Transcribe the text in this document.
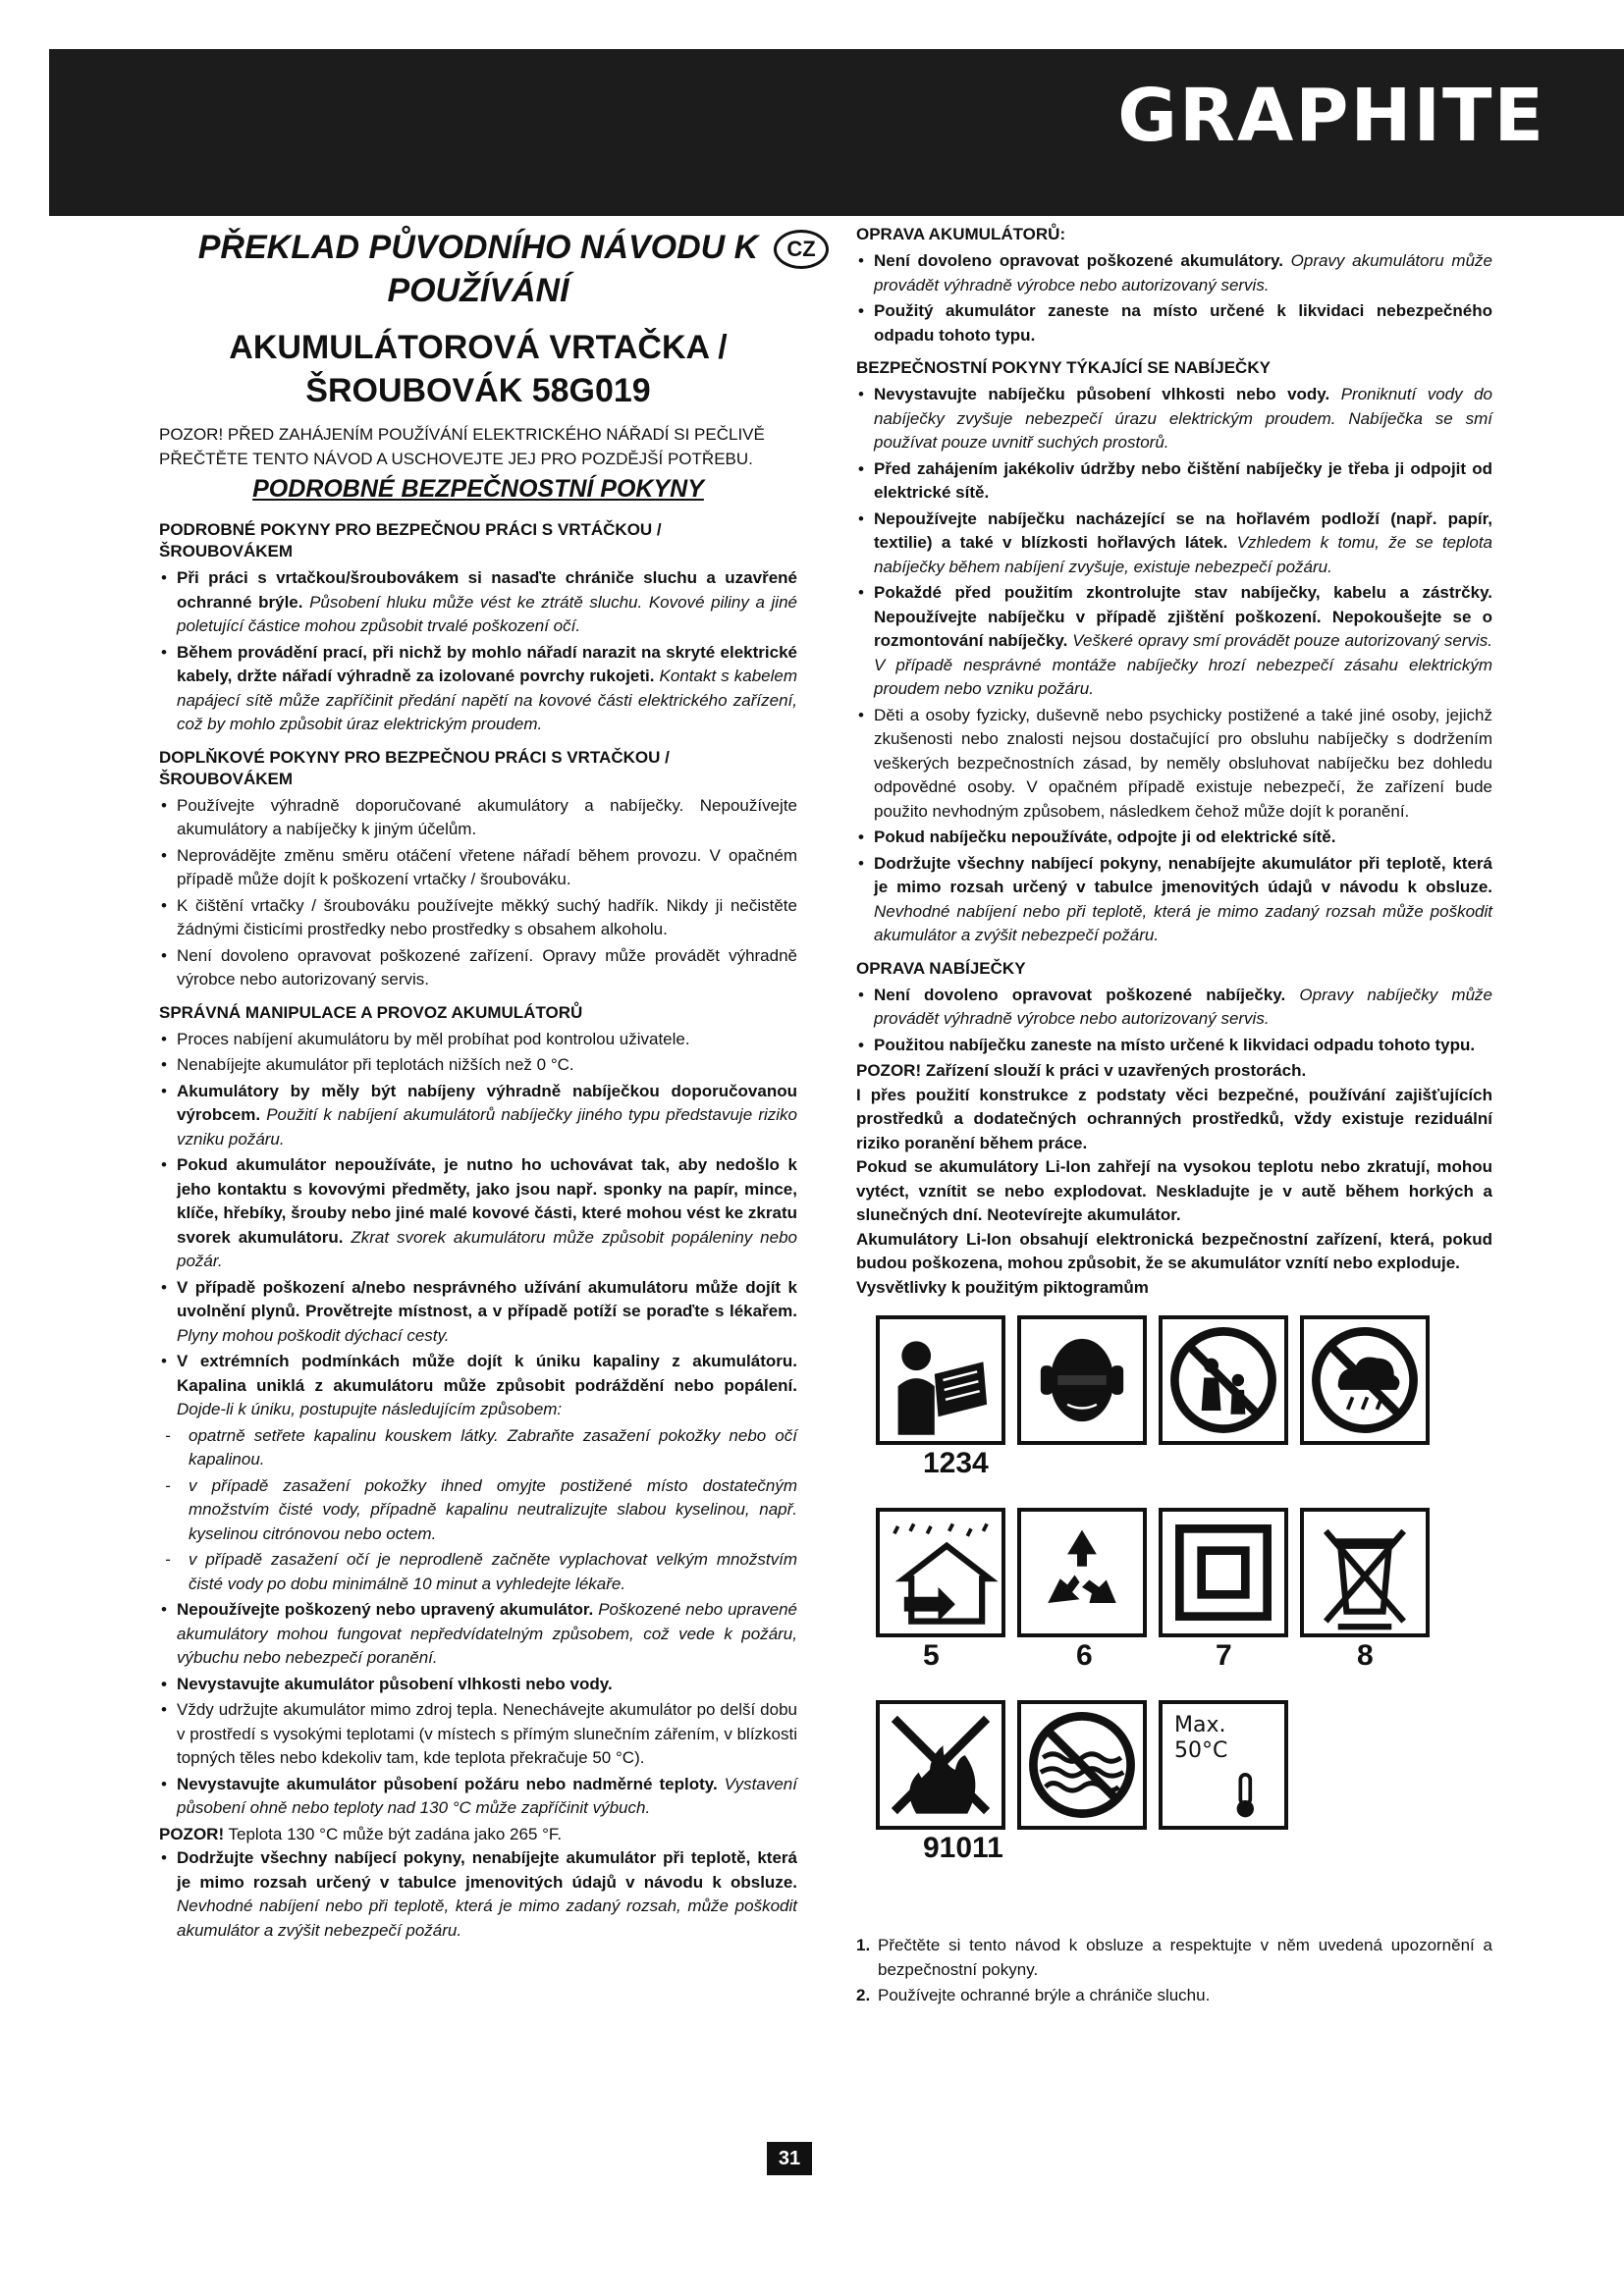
GRAPHITE
CZ
PŘEKLAD PŮVODNÍHO NÁVODU K
POUŽÍVÁNÍ
AKUMULÁTOROVÁ VRTAČKA /
ŠROUBOVÁK 58G019

POZOR! PŘED ZAHÁJENÍM POUŽÍVÁNÍ ELEKTRICKÉHO NÁŘADÍ SI PEČLIVĚ PŘEČTĚTE TENTO NÁVOD A USCHOVEJTE JEJ PRO POZDĚJŠÍ POTŘEBU.

PODROBNÉ BEZPEČNOSTNÍ POKYNY
PODROBNÉ POKYNY PRO BEZPEČNOU PRÁCI S VRTÁČKOU / ŠROUBOVÁKEM
• Při práci s vrtačkou/šroubovákem si nasaďte chrániče sluchu a uzavřené ochranné brýle. Působení hluku může vést ke ztrátě sluchu. Kovové piliny a jiné poletující částice mohou způsobit trvalé poškození očí.
• Během provádění prací, při nichž by mohlo nářadí narazit na skryté elektrické kabely, držte nářadí výhradně za izolované povrchy rukojeti. Kontakt s kabelem napájecí sítě může zapříčinit předání napětí na kovové části elektrického zařízení, což by mohlo způsobit úraz elektrickým proudem.
DOPLŇKOVÉ POKYNY PRO BEZPEČNOU PRÁCI S VRTAČKOU / ŠROUBOVÁKEM
• Používejte výhradně doporučované akumulátory a nabíječky. Nepoužívejte akumulátory a nabíječky k jiným účelům.
• Neprovádějte změnu směru otáčení vřetene nářadí během provozu. V opačném případě může dojít k poškození vrtačky / šroubováku.
• K čištění vrtačky / šroubováku používejte měkký suchý hadřík. Nikdy ji nečistěte žádnými čisticími prostředky nebo prostředky s obsahem alkoholu.
• Není dovoleno opravovat poškozené zařízení. Opravy může provádět výhradně výrobce nebo autorizovaný servis.
SPRÁVNÁ MANIPULACE A PROVOZ AKUMULÁTORŮ
• Proces nabíjení akumulátoru by měl probíhat pod kontrolou uživatele.
• Nenabíjejte akumulátor při teplotách nižších než 0 °C.
• Akumulátory by měly být nabíjeny výhradně nabíječkou doporučovanou výrobcem. Použití k nabíjení akumulátorů nabíječky jiného typu představuje riziko vzniku požáru.
• Pokud akumulátor nepoužíváte, je nutno ho uchovávat tak, aby nedošlo k jeho kontaktu s kovovými předměty, jako jsou např. sponky na papír, mince, klíče, hřebíky, šrouby nebo jiné malé kovové části, které mohou vést ke zkratu svorek akumulátoru. Zkrat svorek akumulátoru může způsobit popáleniny nebo požár.
• V případě poškození a/nebo nesprávného užívání akumulátoru může dojít k uvolnění plynů. Provětrejte místnost, a v případě potíží se poraďte s lékařem. Plyny mohou poškodit dýchací cesty.
• V extrémních podmínkách může dojít k úniku kapaliny z akumulátoru. Kapalina uniklá z akumulátoru může způsobit podráždění nebo popálení. Dojde-li k úniku, postupujte následujícím způsobem:
- opatrně setřete kapalinu kouskem látky. Zabraňte zasažení pokožky nebo očí kapalinou.
- v případě zasažení pokožky ihned omyjte postižené místo dostatečným množstvím čisté vody, případně kapalinu neutralizujte slabou kyselinou, např. kyselinou citrónovou nebo octem.
- v případě zasažení očí je neprodleně začněte vyplachovat velkým množstvím čisté vody po dobu minimálně 10 minut a vyhledejte lékaře.
• Nepoužívejte poškozený nebo upravený akumulátor. Poškozené nebo upravené akumulátory mohou fungovat nepředvídatelným způsobem, což vede k požáru, výbuchu nebo nebezpečí poranění.
• Nevystavujte akumulátor působení vlhkosti nebo vody.
• Vždy udržujte akumulátor mimo zdroj tepla. Nenechávejte akumulátor po delší dobu v prostředí s vysokými teplotami (v místech s přímým slunečním zářením, v blízkosti topných těles nebo kdekoliv tam, kde teplota překračuje 50 °C).
• Nevystavujte akumulátor působení požáru nebo nadměrné teploty. Vystavení působení ohně nebo teploty nad 130 °C může zapříčinit výbuch.

POZOR! Teplota 130 °C může být zadána jako 265 °F.

• Dodržujte všechny nabíjecí pokyny, nenabíjejte akumulátor při teplotě, která je mimo rozsah určený v tabulce jmenovitých údajů v návodu k obsluze. Nevhodné nabíjení nebo při teplotě, která je mimo zadaný rozsah, může poškodit akumulátor a zvýšit nebezpečí požáru.
OPRAVA AKUMULÁTORŮ:
• Není dovoleno opravovat poškozené akumulátory. Opravy akumulátoru může provádět výhradně výrobce nebo autorizovaný servis.
• Použitý akumulátor zaneste na místo určené k likvidaci nebezpečného odpadu tohoto typu.
BEZPEČNOSTNÍ POKYNY TÝKAJÍCÍ SE NABÍJEČKY
• Nevystavujte nabíječku působení vlhkosti nebo vody. Proniknutí vody do nabíječky zvyšuje nebezpečí úrazu elektrickým proudem. Nabíječka se smí používat pouze uvnitř suchých prostorů.
• Před zahájením jakékoliv údržby nebo čištění nabíječky je třeba ji odpojit od elektrické sítě.
• Nepoužívejte nabíječku nacházející se na hořlavém podloží (např. papír, textilie) a také v blízkosti hořlavých látek. Vzhledem k tomu, že se teplota nabíječky během nabíjení zvyšuje, existuje nebezpečí požáru.
• Pokaždé před použitím zkontrolujte stav nabíječky, kabelu a zástrčky. Nepoužívejte nabíječku v případě zjištění poškození. Nepokoušejte se o rozmontování nabíječky. Veškeré opravy smí provádět pouze autorizovaný servis. V případě nesprávné montáže nabíječky hrozí nebezpečí zásahu elektrickým proudem nebo vzniku požáru.
• Děti a osoby fyzicky, duševně nebo psychicky postižené a také jiné osoby, jejichž zkušenosti nebo znalosti nejsou dostačující pro obsluhu nabíječky s dodržením veškerých bezpečnostních zásad, by neměly obsluhovat nabíječku bez dohledu odpovědné osoby. V opačném případě existuje nebezpečí, že zařízení bude použito nevhodným způsobem, následkem čehož může dojít k poranění.
• Pokud nabíječku nepoužíváte, odpojte ji od elektrické sítě.
• Dodržujte všechny nabíjecí pokyny, nenabíjejte akumulátor při teplotě, která je mimo rozsah určený v tabulce jmenovitých údajů v návodu k obsluze. Nevhodné nabíjení nebo při teplotě, která je mimo zadaný rozsah může poškodit akumulátor a zvýšit nebezpečí požáru.
OPRAVA NABÍJEČKY
• Není dovoleno opravovat poškozené nabíječky. Opravy nabíječky může provádět výhradně výrobce nebo autorizovaný servis.
• Použitou nabíječku zaneste na místo určené k likvidaci odpadu tohoto typu.

POZOR! Zařízení slouží k práci v uzavřených prostorách.

I přes použití konstrukce z podstaty věci bezpečné, používání zajišťujících prostředků a dodatečných ochranných prostředků, vždy existuje reziduální riziko poranění během práce.

Pokud se akumulátory Li-Ion zahřejí na vysokou teplotu nebo zkratují, mohou vytéct, vznítit se nebo explodovat. Neskladujte je v autě během horkých a slunečných dní. Neotevírejte akumulátor.

Akumulátory Li-Ion obsahují elektronická bezpečnostní zařízení, která, pokud budou poškozena, mohou způsobit, že se akumulátor vznítí nebo exploduje.

Vysvětlivky k použitým piktogramům

1234
5	6	7	8
Max.
50°C
91011
1. Přečtěte si tento návod k obsluze a respektujte v něm uvedená upozornění a bezpečnostní pokyny.
2. Používejte ochranné brýle a chrániče sluchu.
31
